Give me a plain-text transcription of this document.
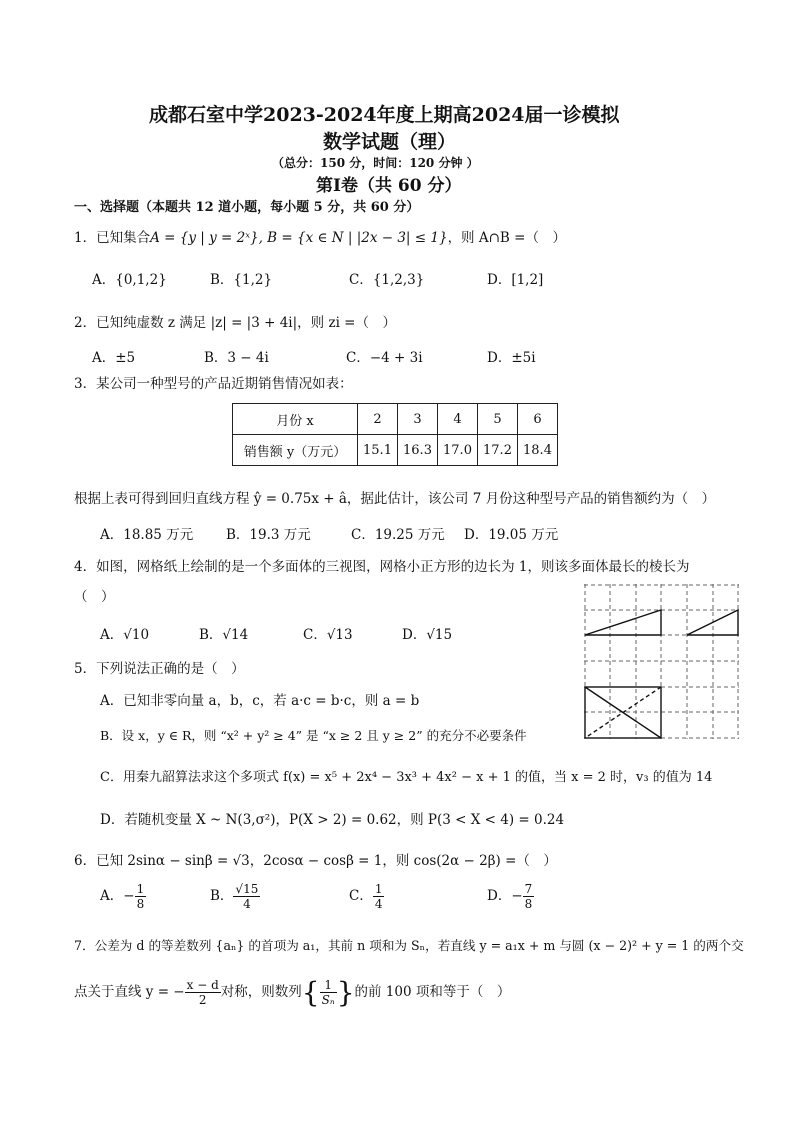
成都石室中学2023-2024年度上期高2024届一诊模拟
数学试题（理）
（总分：150 分，时间：120 分钟 ）
第Ⅰ卷（共 60 分）
一、选择题（本题共 12 道小题，每小题 5 分，共 60 分）
1．已知集合A = {y | y = 2ˣ}, B = {x ∈ N | |2x − 3| ≤ 1}，则 A∩B =（　）
A．{0,1,2}	B．{1,2}	C．{1,2,3}	D．[1,2]
2．已知纯虚数 z 满足 |z| = |3 + 4i|，则 zi =（　）
A．±5	B．3 − 4i	C．−4 + 3i	D．±5i
3．某公司一种型号的产品近期销售情况如表：
月份 x	2	3	4	5	6
销售额 y（万元）	15.1	16.3	17.0	17.2	18.4
根据上表可得到回归直线方程 ŷ = 0.75x + â，据此估计，该公司 7 月份这种型号产品的销售额约为（　）
A．18.85 万元 B．19.3 万元	C．19.25 万元 D．19.05 万元
4．如图，网格纸上绘制的是一个多面体的三视图，网格小正方形的边长为 1，则该多面体最长的棱长为
（　）
A．√10	B．√14	C．√13	D．√15
5．下列说法正确的是（　）
A．已知非零向量 a，b，c，若 a·c = b·c，则 a = b
B．设 x，y ∈ R，则 “x² + y² ≥ 4” 是 “x ≥ 2 且 y ≥ 2” 的充分不必要条件
C．用秦九韶算法求这个多项式 f(x) = x⁵ + 2x⁴ − 3x³ + 4x² − x + 1 的值，当 x = 2 时，v₃ 的值为 14
D．若随机变量 X ~ N(3,σ²)，P(X > 2) = 0.62，则 P(3 < X < 4) = 0.24
6．已知 2sinα − sinβ = √3，2cosα − cosβ = 1，则 cos(2α − 2β) =（　）
A．− $\frac{1}{8}$	B． $\frac{√15}{4}$	C． $\frac{1}{4}$	D．− $\frac{7}{8}$
7．公差为 d 的等差数列 {aₙ} 的首项为 a₁，其前 n 项和为 Sₙ，若直线 y = a₁x + m 与圆 (x − 2)² + y = 1 的两个交
点关于直线 y = − $\frac{x - d}{2}$ 对称，则数列{ $\frac{1}{\text{Sₙ}}$ }的前 100 项和等于（　）
